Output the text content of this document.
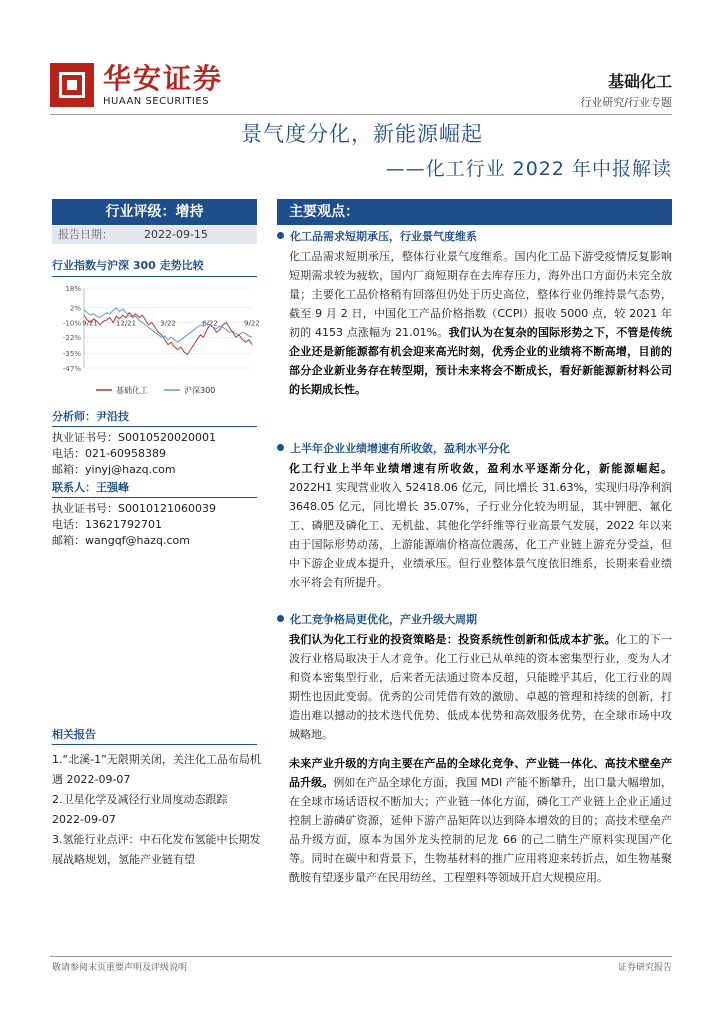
华安证券
HUAAN SECURITIES
基础化工
行业研究/行业专题
景气度分化，新能源崛起
——化工行业 2022 年中报解读
行业评级：增持
报告日期：	2022-09-15
行业指数与沪深 300 走势比较
18%
2%
-10%
-22%
-35%
-47%
9/21	12/21	3/22	6/22	9/22
基础化工	沪深300
分析师：尹沿技
执业证书号：S0010520020001
电话：021-60958389
邮箱：yinyj@hazq.com
联系人：王强峰
执业证书号：S0010121060039
电话：13621792701
邮箱：wangqf@hazq.com
相关报告

1.“北溪-1”无限期关闭，关注化工品布局机遇 2022-09-07

2.卫星化学及减径行业周度动态跟踪 2022-09-07

3.氢能行业点评：中石化发布氢能中长期发展战略规划，氢能产业链有望

主要观点：
化工品需求短期承压，行业景气度维系
化工品需求短期承压，整体行业景气度维系。国内化工品下游受疫情反复影响短期需求较为疲软，国内厂商短期存在去库存压力，海外出口方面仍未完全放量；主要化工品价格稍有回落但仍处于历史高位，整体行业仍维持景气态势，截至 9 月 2 日，中国化工产品价格指数（CCPI）报收 5000 点，较 2021 年初的 4153 点涨幅为 21.01%。我们认为在复杂的国际形势之下，不管是传统企业还是新能源都有机会迎来高光时刻，优秀企业的业绩将不断高增，目前的部分企业新业务存在转型期，预计未来将会不断成长，看好新能源新材料公司的长期成长性。
上半年企业业绩增速有所收敛，盈利水平分化
化工行业上半年业绩增速有所收敛，盈利水平逐渐分化，新能源崛起。2022H1 实现营业收入 52418.06 亿元，同比增长 31.63%，实现归母净利润 3648.05 亿元，同比增长 35.07%，子行业分化较为明显，其中钾肥、氟化工、磷肥及磷化工、无机盐、其他化学纤维等行业高景气发展，2022 年以来由于国际形势动荡，上游能源端价格高位震荡，化工产业链上游充分受益，但中下游企业成本提升，业绩承压。但行业整体景气度依旧维系，长期来看业绩水平将会有所提升。
化工竞争格局更优化，产业升级大周期
我们认为化工行业的投资策略是：投资系统性创新和低成本扩张。化工的下一波行业格局取决于人才竞争。化工行业已从单纯的资本密集型行业，变为人才和资本密集型行业，后来者无法通过资本反超，只能瞠乎其后，化工行业的周期性也因此变弱。优秀的公司凭借有效的激励、卓越的管理和持续的创新，打造出难以撼动的技术迭代优势、低成本优势和高效服务优势，在全球市场中攻城略地。
未来产业升级的方向主要在产品的全球化竞争、产业链一体化、高技术壁垒产品升级。例如在产品全球化方面，我国 MDI 产能不断攀升，出口量大幅增加，在全球市场话语权不断加大；产业链一体化方面，磷化工产业链上企业正通过控制上游磷矿资源，延伸下游产品矩阵以达到降本增效的目的；高技术壁垒产品升级方面，原本为国外龙头控制的尼龙 66 的己二腈生产原料实现国产化等。同时在碳中和背景下，生物基材料的推广应用将迎来转折点，如生物基聚酰胺有望逐步量产在民用纺丝、工程塑料等领域开启大规模应用。
敬请参阅末页重要声明及评级说明	证券研究报告
